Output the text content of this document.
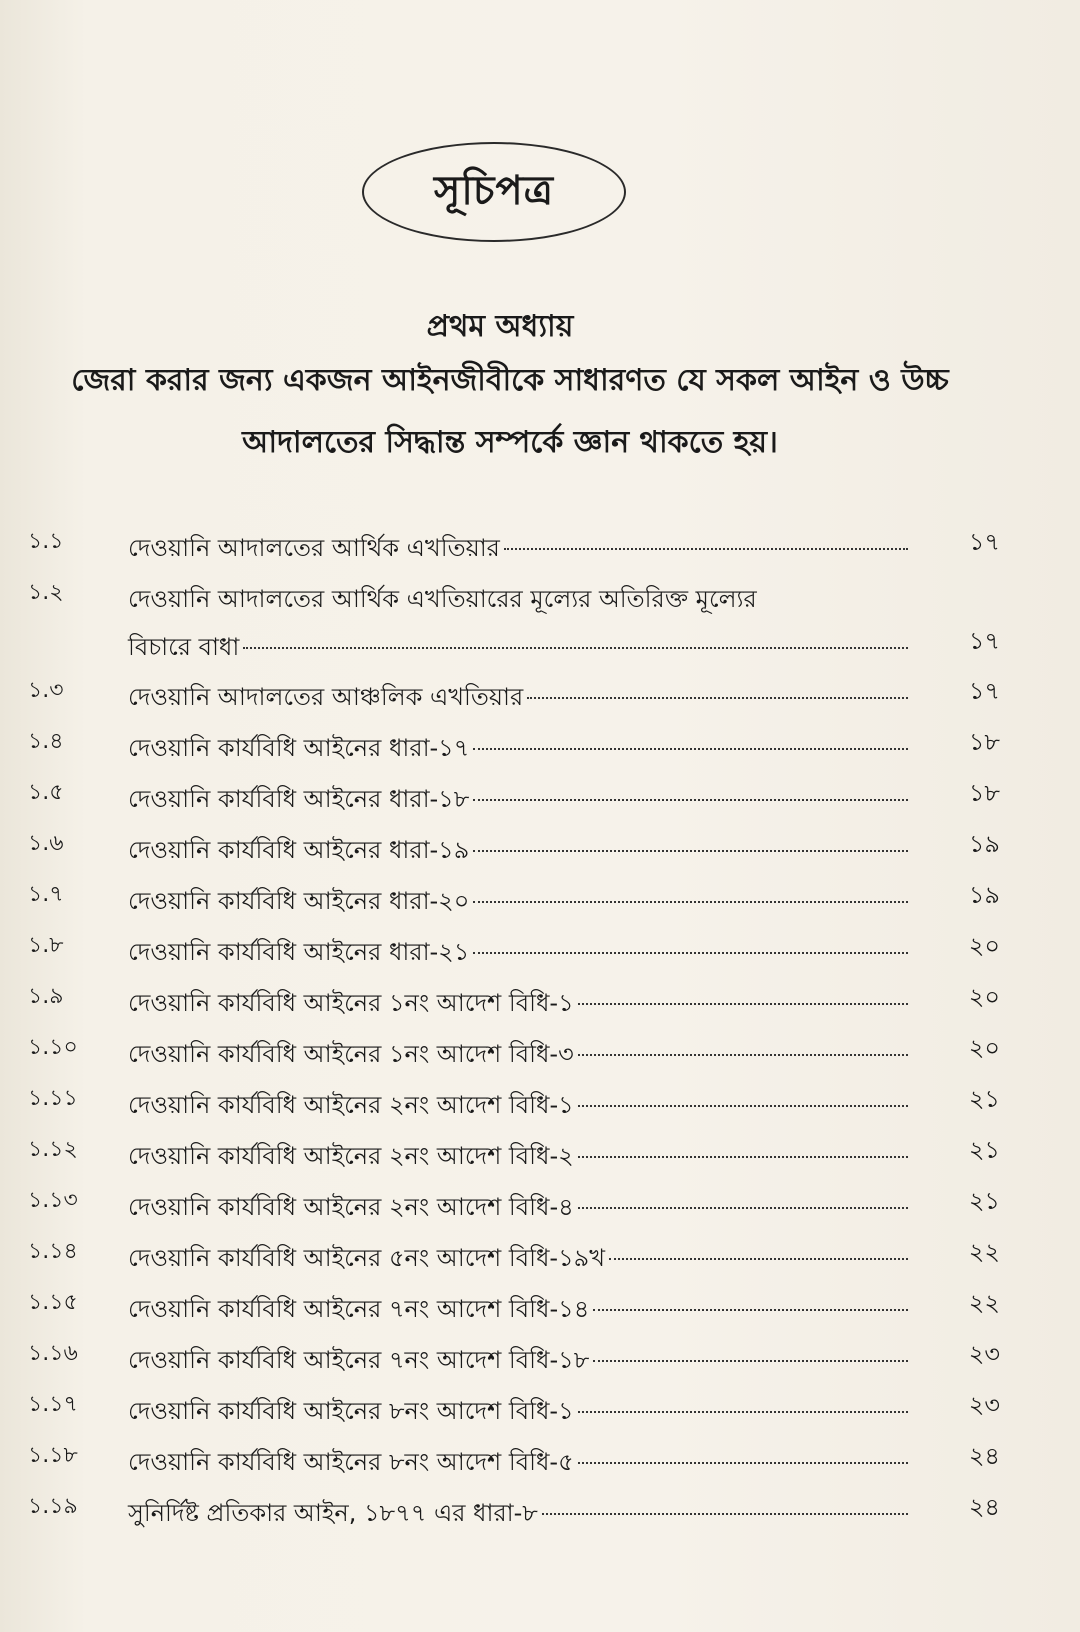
সূচিপত্র
প্রথম অধ্যায়
জেরা করার জন্য একজন আইনজীবীকে সাধারণত যে সকল আইন ও উচ্চ
আদালতের সিদ্ধান্ত সম্পর্কে জ্ঞান থাকতে হয়।
১.১	দেওয়ানি আদালতের আর্থিক এখতিয়ার	১৭
১.২	দেওয়ানি আদালতের আর্থিক এখতিয়ারের মূল্যের অতিরিক্ত মূল্যের
বিচারে বাধা	১৭
১.৩	দেওয়ানি আদালতের আঞ্চলিক এখতিয়ার	১৭
১.৪	দেওয়ানি কার্যবিধি আইনের ধারা-১৭	১৮
১.৫	দেওয়ানি কার্যবিধি আইনের ধারা-১৮	১৮
১.৬	দেওয়ানি কার্যবিধি আইনের ধারা-১৯	১৯
১.৭	দেওয়ানি কার্যবিধি আইনের ধারা-২০	১৯
১.৮	দেওয়ানি কার্যবিধি আইনের ধারা-২১	২০
১.৯	দেওয়ানি কার্যবিধি আইনের ১নং আদেশ বিধি-১	২০
১.১০	দেওয়ানি কার্যবিধি আইনের ১নং আদেশ বিধি-৩	২০
১.১১	দেওয়ানি কার্যবিধি আইনের ২নং আদেশ বিধি-১	২১
১.১২	দেওয়ানি কার্যবিধি আইনের ২নং আদেশ বিধি-২	২১
১.১৩	দেওয়ানি কার্যবিধি আইনের ২নং আদেশ বিধি-৪	২১
১.১৪	দেওয়ানি কার্যবিধি আইনের ৫নং আদেশ বিধি-১৯খ	২২
১.১৫	দেওয়ানি কার্যবিধি আইনের ৭নং আদেশ বিধি-১৪	২২
১.১৬	দেওয়ানি কার্যবিধি আইনের ৭নং আদেশ বিধি-১৮	২৩
১.১৭	দেওয়ানি কার্যবিধি আইনের ৮নং আদেশ বিধি-১	২৩
১.১৮	দেওয়ানি কার্যবিধি আইনের ৮নং আদেশ বিধি-৫	২৪
১.১৯	সুনির্দিষ্ট প্রতিকার আইন, ১৮৭৭ এর ধারা-৮	২৪
